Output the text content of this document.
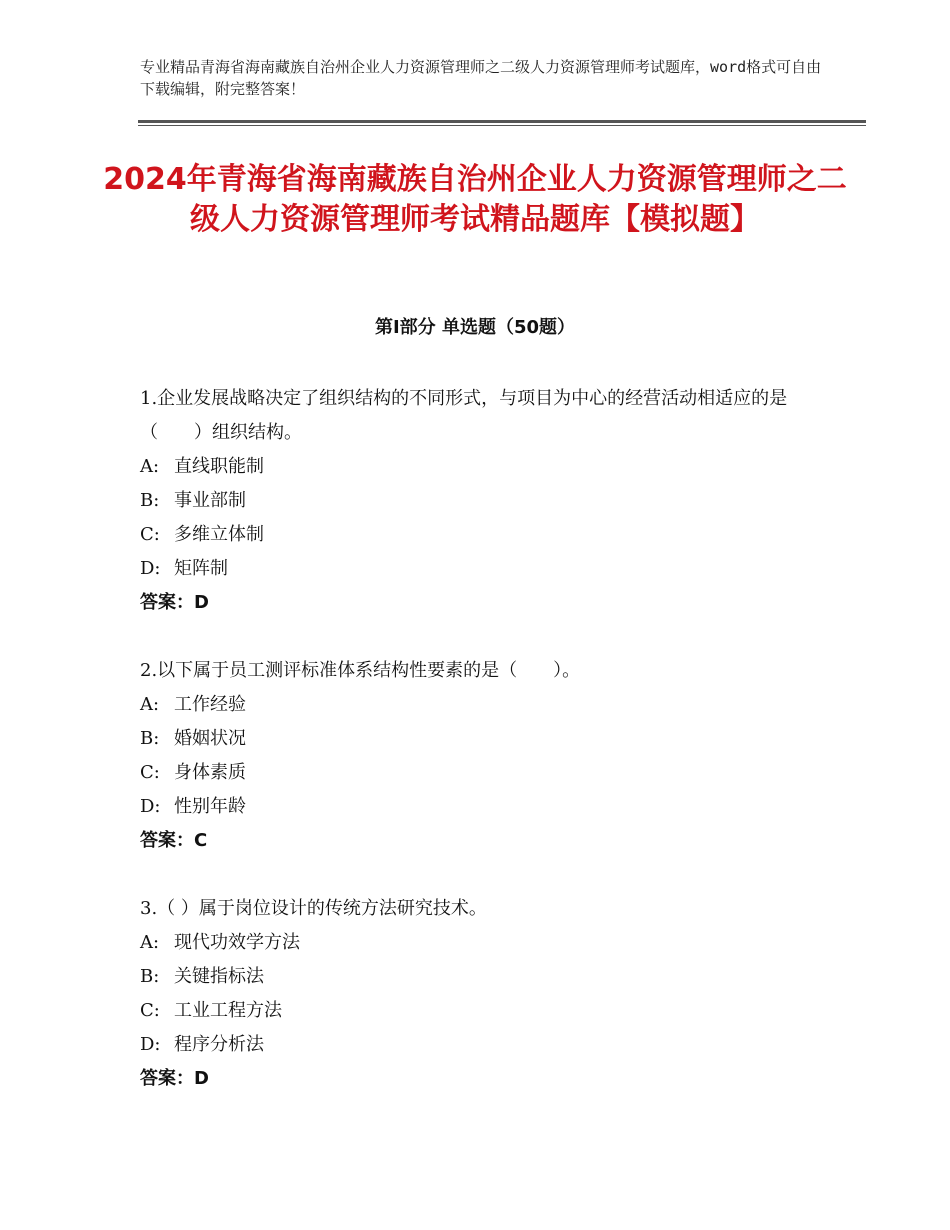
专业精品青海省海南藏族自治州企业人力资源管理师之二级人力资源管理师考试题库，word格式可自由下载编辑，附完整答案！
2024年青海省海南藏族自治州企业人力资源管理师之二级人力资源管理师考试精品题库【模拟题】
第Ⅰ部分 单选题（50题）
1.企业发展战略决定了组织结构的不同形式，与项目为中心的经营活动相适应的是（　　）组织结构。
A: 直线职能制
B: 事业部制
C: 多维立体制
D: 矩阵制
答案：D
2.以下属于员工测评标准体系结构性要素的是（　　）。
A: 工作经验
B: 婚姻状况
C: 身体素质
D: 性别年龄
答案：C
3.（ ）属于岗位设计的传统方法研究技术。
A: 现代功效学方法
B: 关键指标法
C: 工业工程方法
D: 程序分析法
答案：D
